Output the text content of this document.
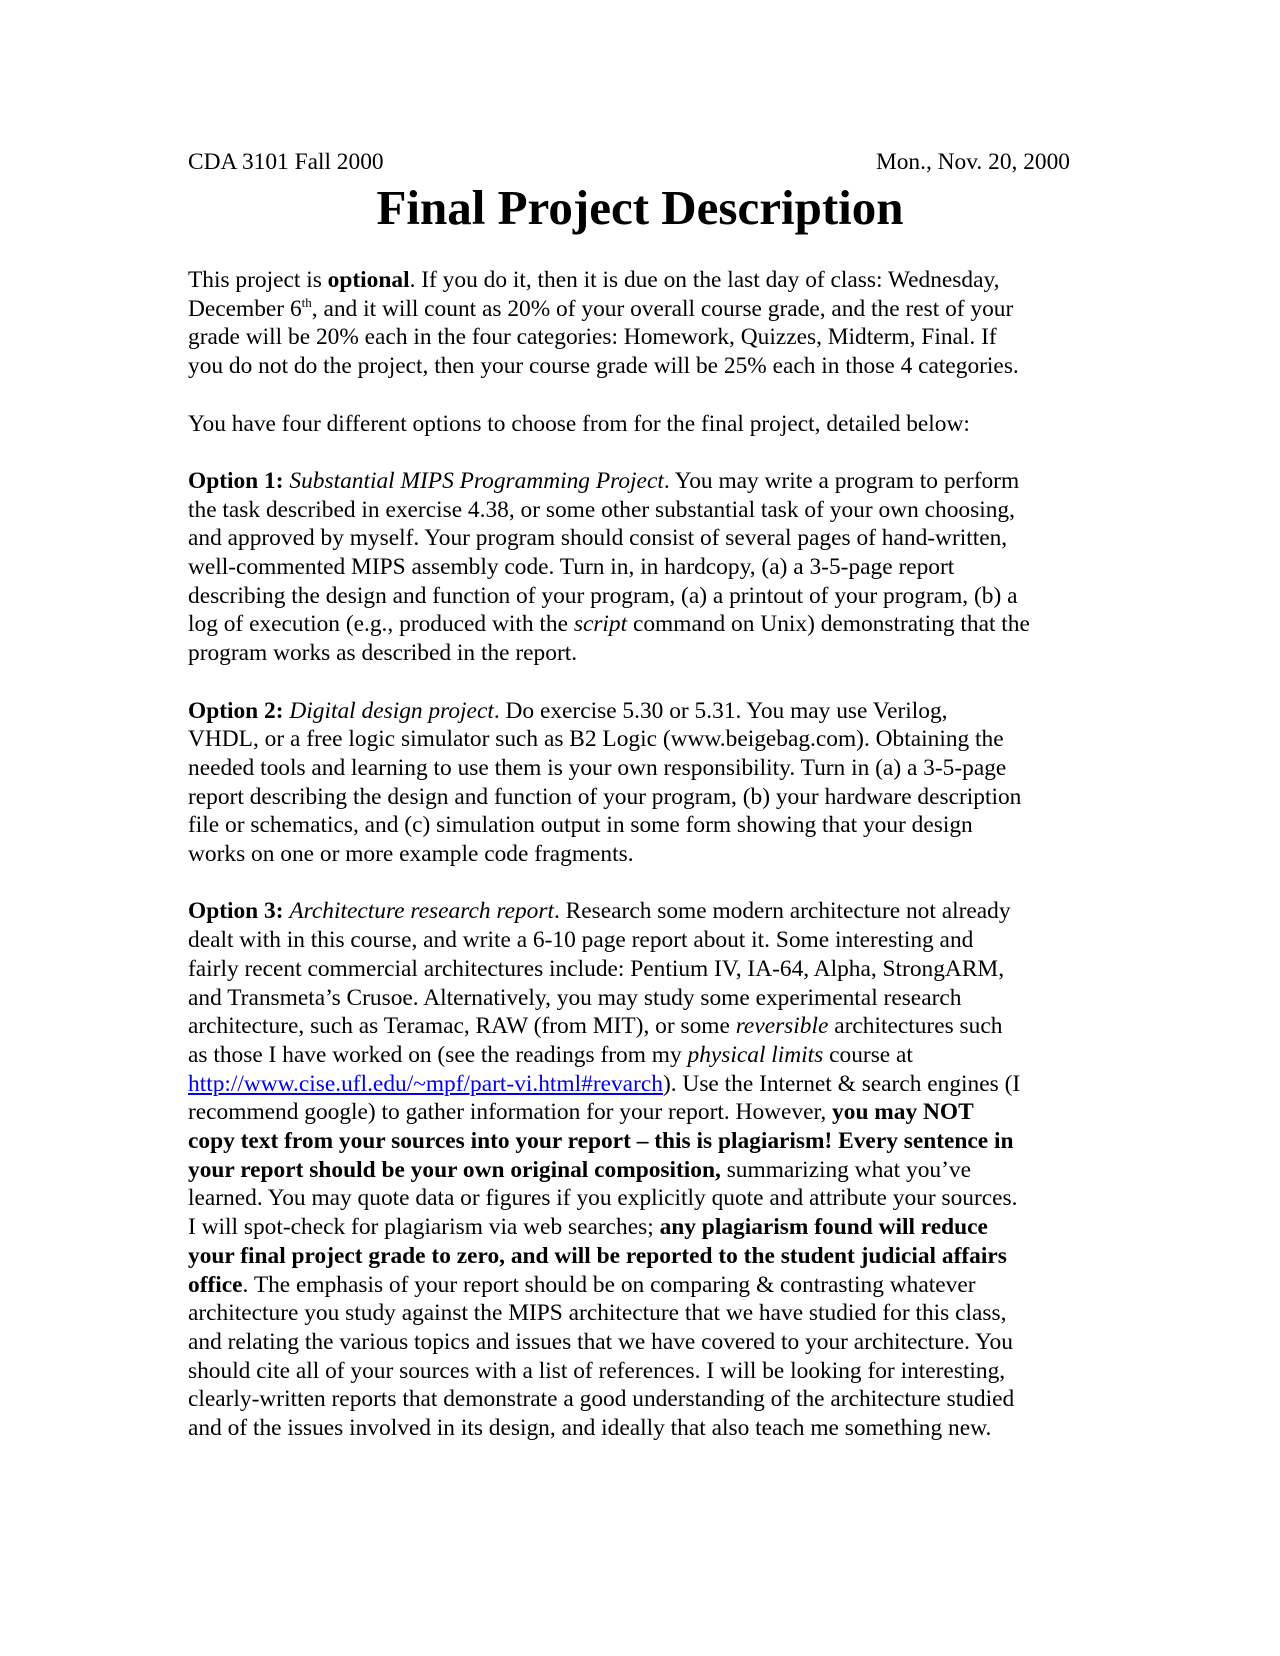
CDA 3101 Fall 2000	Mon., Nov. 20, 2000
Final Project Description

This project is optional. If you do it, then it is due on the last day of class: Wednesday,
December 6th, and it will count as 20% of your overall course grade, and the rest of your
grade will be 20% each in the four categories: Homework, Quizzes, Midterm, Final. If
you do not do the project, then your course grade will be 25% each in those 4 categories.

You have four different options to choose from for the final project, detailed below:

Option 1: Substantial MIPS Programming Project. You may write a program to perform
the task described in exercise 4.38, or some other substantial task of your own choosing,
and approved by myself. Your program should consist of several pages of hand-written,
well-commented MIPS assembly code. Turn in, in hardcopy, (a) a 3-5-page report
describing the design and function of your program, (a) a printout of your program, (b) a
log of execution (e.g., produced with the script command on Unix) demonstrating that the
program works as described in the report.

Option 2: Digital design project. Do exercise 5.30 or 5.31. You may use Verilog,
VHDL, or a free logic simulator such as B2 Logic (www.beigebag.com). Obtaining the
needed tools and learning to use them is your own responsibility. Turn in (a) a 3-5-page
report describing the design and function of your program, (b) your hardware description
file or schematics, and (c) simulation output in some form showing that your design
works on one or more example code fragments.

Option 3: Architecture research report. Research some modern architecture not already
dealt with in this course, and write a 6-10 page report about it. Some interesting and
fairly recent commercial architectures include: Pentium IV, IA-64, Alpha, StrongARM,
and Transmeta’s Crusoe. Alternatively, you may study some experimental research
architecture, such as Teramac, RAW (from MIT), or some reversible architectures such
as those I have worked on (see the readings from my physical limits course at
http://www.cise.ufl.edu/~mpf/part-vi.html#revarch). Use the Internet & search engines (I
recommend google) to gather information for your report. However, you may NOT
copy text from your sources into your report – this is plagiarism! Every sentence in
your report should be your own original composition, summarizing what you’ve
learned. You may quote data or figures if you explicitly quote and attribute your sources.
I will spot-check for plagiarism via web searches; any plagiarism found will reduce
your final project grade to zero, and will be reported to the student judicial affairs
office. The emphasis of your report should be on comparing & contrasting whatever
architecture you study against the MIPS architecture that we have studied for this class,
and relating the various topics and issues that we have covered to your architecture. You
should cite all of your sources with a list of references. I will be looking for interesting,
clearly-written reports that demonstrate a good understanding of the architecture studied
and of the issues involved in its design, and ideally that also teach me something new.
